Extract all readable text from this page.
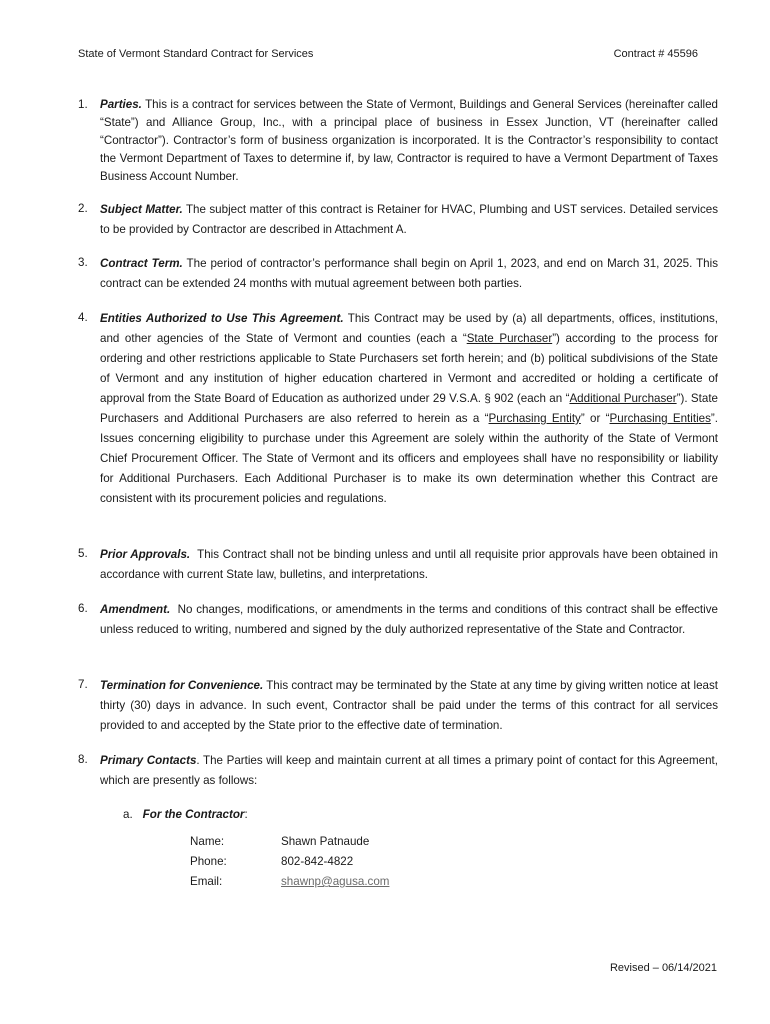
State of Vermont Standard Contract for Services	Contract # 45596
1. Parties. This is a contract for services between the State of Vermont, Buildings and General Services (hereinafter called “State”) and Alliance Group, Inc., with a principal place of business in Essex Junction, VT (hereinafter called “Contractor”). Contractor’s form of business organization is incorporated. It is the Contractor’s responsibility to contact the Vermont Department of Taxes to determine if, by law, Contractor is required to have a Vermont Department of Taxes Business Account Number.
2. Subject Matter. The subject matter of this contract is Retainer for HVAC, Plumbing and UST services. Detailed services to be provided by Contractor are described in Attachment A.
3. Contract Term. The period of contractor’s performance shall begin on April 1, 2023, and end on March 31, 2025. This contract can be extended 24 months with mutual agreement between both parties.
4. Entities Authorized to Use This Agreement. This Contract may be used by (a) all departments, offices, institutions, and other agencies of the State of Vermont and counties (each a “State Purchaser”) according to the process for ordering and other restrictions applicable to State Purchasers set forth herein; and (b) political subdivisions of the State of Vermont and any institution of higher education chartered in Vermont and accredited or holding a certificate of approval from the State Board of Education as authorized under 29 V.S.A. § 902 (each an “Additional Purchaser”). State Purchasers and Additional Purchasers are also referred to herein as a “Purchasing Entity” or “Purchasing Entities”. Issues concerning eligibility to purchase under this Agreement are solely within the authority of the State of Vermont Chief Procurement Officer. The State of Vermont and its officers and employees shall have no responsibility or liability for Additional Purchasers. Each Additional Purchaser is to make its own determination whether this Contract are consistent with its procurement policies and regulations.
5. Prior Approvals. This Contract shall not be binding unless and until all requisite prior approvals have been obtained in accordance with current State law, bulletins, and interpretations.
6. Amendment. No changes, modifications, or amendments in the terms and conditions of this contract shall be effective unless reduced to writing, numbered and signed by the duly authorized representative of the State and Contractor.
7. Termination for Convenience. This contract may be terminated by the State at any time by giving written notice at least thirty (30) days in advance. In such event, Contractor shall be paid under the terms of this contract for all services provided to and accepted by the State prior to the effective date of termination.
8. Primary Contacts. The Parties will keep and maintain current at all times a primary point of contact for this Agreement, which are presently as follows:
a. For the Contractor:
Name:	Shawn Patnaude
Phone:	802-842-4822
Email:	shawnp@agusa.com
Revised – 06/14/2021
